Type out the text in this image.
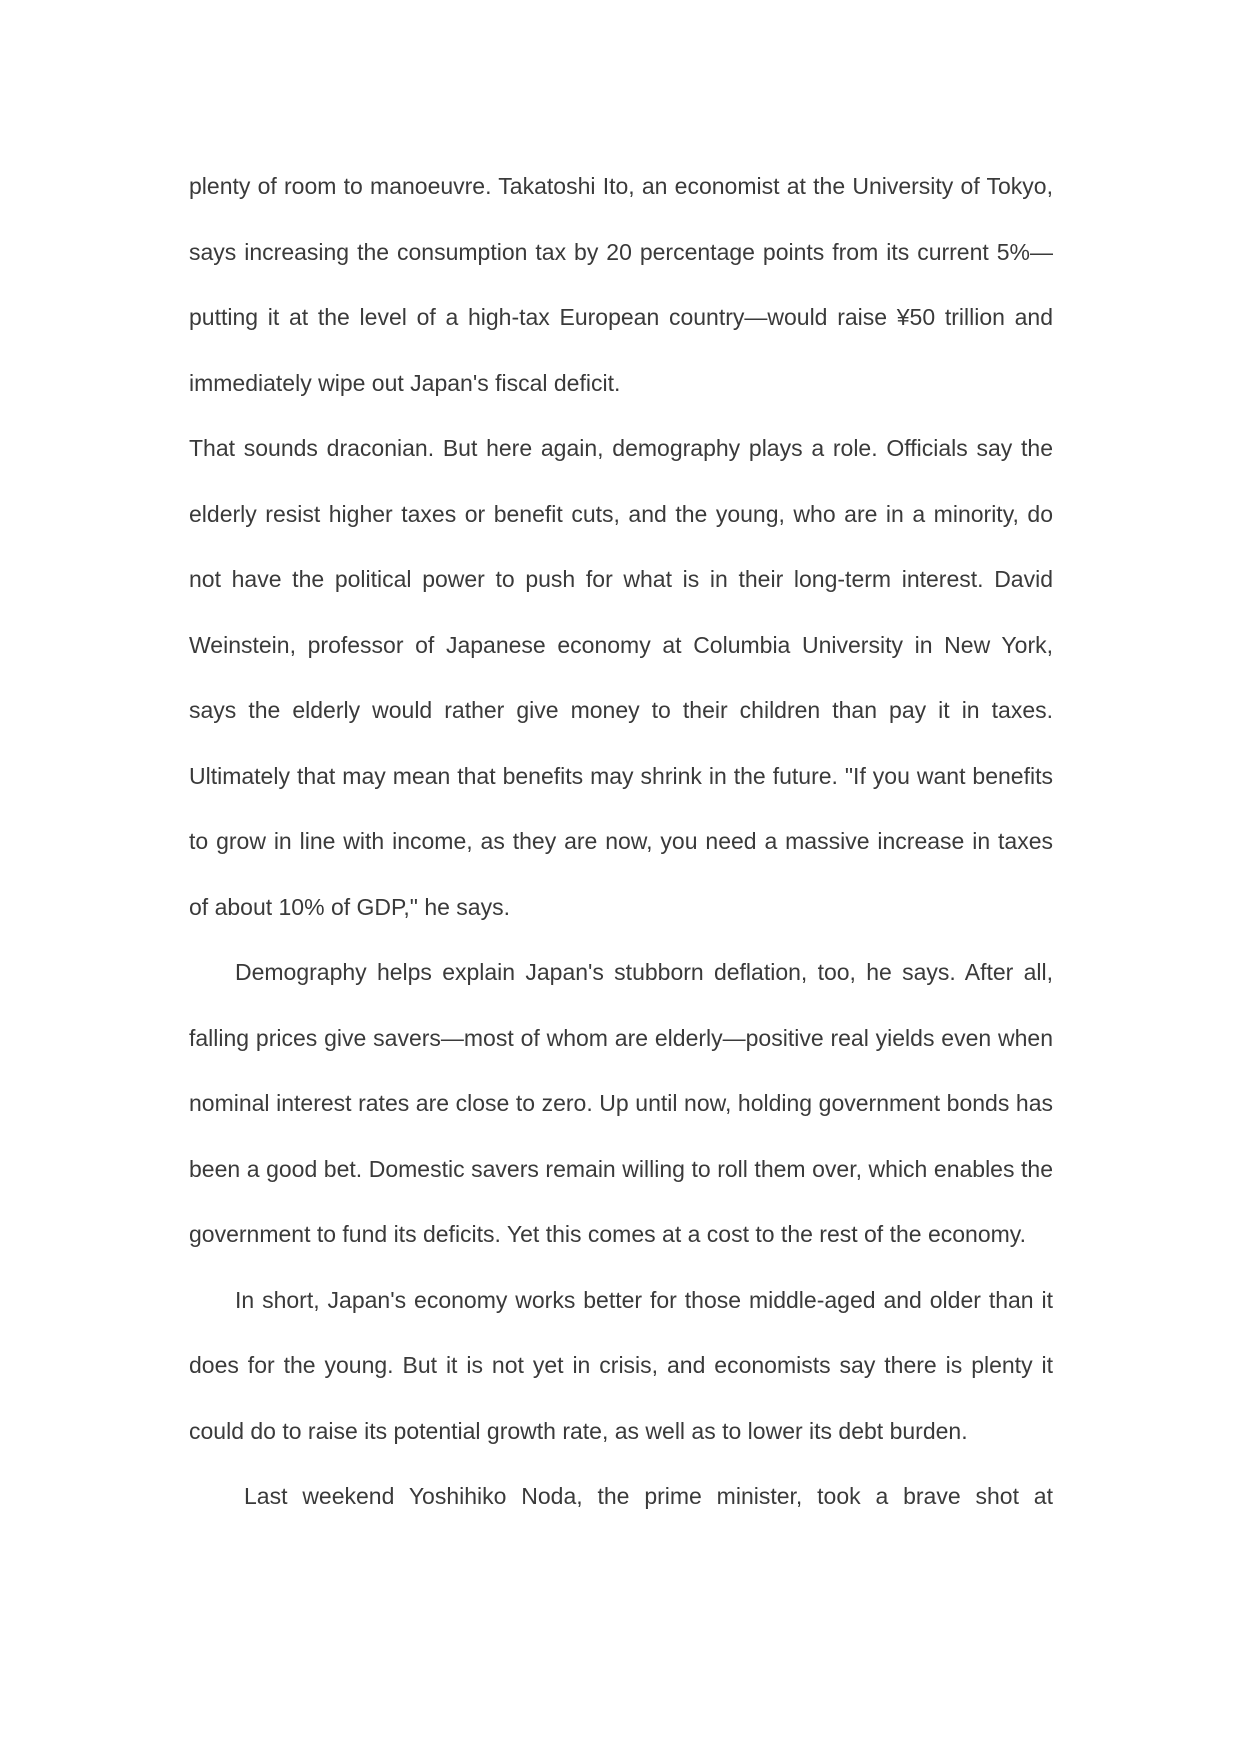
plenty of room to manoeuvre. Takatoshi Ito, an economist at the University of Tokyo, says increasing the consumption tax by 20 percentage points from its current 5%—putting it at the level of a high-tax European country—would raise ¥50 trillion and immediately wipe out Japan's fiscal deficit.

That sounds draconian. But here again, demography plays a role. Officials say the elderly resist higher taxes or benefit cuts, and the young, who are in a minority, do not have the political power to push for what is in their long-term interest. David Weinstein, professor of Japanese economy at Columbia University in New York, says the elderly would rather give money to their children than pay it in taxes. Ultimately that may mean that benefits may shrink in the future. "If you want benefits to grow in line with income, as they are now, you need a massive increase in taxes of about 10% of GDP," he says.

Demography helps explain Japan's stubborn deflation, too, he says. After all, falling prices give savers—most of whom are elderly—positive real yields even when nominal interest rates are close to zero. Up until now, holding government bonds has been a good bet. Domestic savers remain willing to roll them over, which enables the government to fund its deficits. Yet this comes at a cost to the rest of the economy.

In short, Japan's economy works better for those middle-aged and older than it does for the young. But it is not yet in crisis, and economists say there is plenty it could do to raise its potential growth rate, as well as to lower its debt burden.

Last weekend Yoshihiko Noda, the prime minister, took a brave shot at
